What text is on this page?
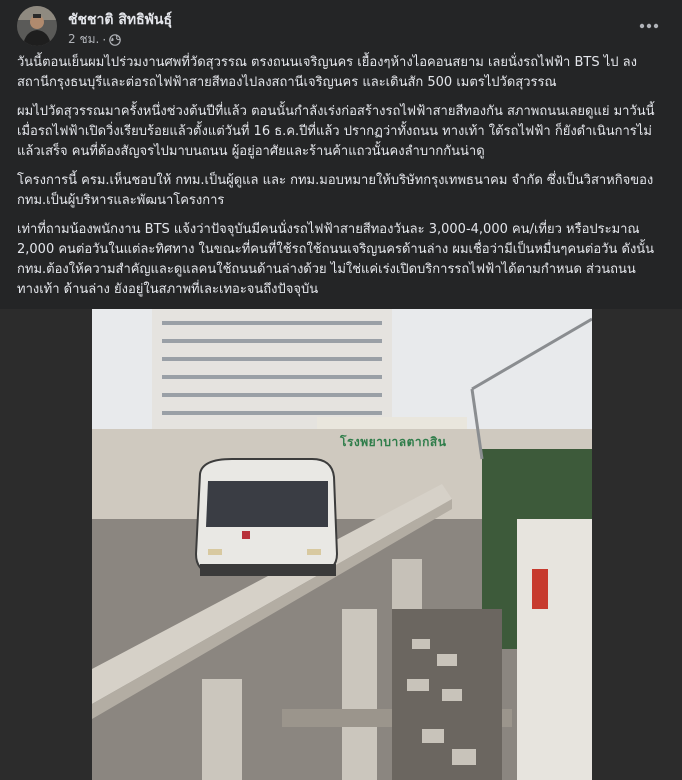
ชัชชาติ สิทธิพันธุ์
2 ชม. ·

วันนี้ตอนเย็นผมไปร่วมงานศพที่วัดสุวรรณ ตรงถนนเจริญนคร เยื้องๆห้างไอคอนสยาม เลยนั่งรถไฟฟ้า BTS ไป ลงสถานีกรุงธนบุรีและต่อรถไฟฟ้าสายสีทองไปลงสถานีเจริญนคร และเดินสัก 500 เมตรไปวัดสุวรรณ

ผมไปวัดสุวรรณมาครั้งหนึ่งช่วงต้นปีที่แล้ว ตอนนั้นกำลังเร่งก่อสร้างรถไฟฟ้าสายสีทองกัน สภาพถนนเลยดูแย่ มาวันนี้เมื่อรถไฟฟ้าเปิดวิ่งเรียบร้อยแล้วตั้งแต่วันที่ 16 ธ.ค.ปีที่แล้ว ปรากฏว่าทั้งถนน ทางเท้า ใต้รถไฟฟ้า ก็ยังดำเนินการไม่แล้วเสร็จ คนที่ต้องสัญจรไปมาบนถนน ผู้อยู่อาศัยและร้านค้าแถวนั้นคงลำบากกันน่าดู

โครงการนี้ ครม.เห็นชอบให้ กทม.เป็นผู้ดูแล และ กทม.มอบหมายให้บริษัทกรุงเทพธนาคม จำกัด ซึ่งเป็นวิสาหกิจของ กทม.เป็นผู้บริหารและพัฒนาโครงการ

เท่าที่ถามน้องพนักงาน BTS แจ้งว่าปัจจุบันมีคนนั่งรถไฟฟ้าสายสีทองวันละ 3,000-4,000 คน/เที่ยว หรือประมาณ 2,000 คนต่อวันในแต่ละทิศทาง ในขณะที่คนที่ใช้รถใช้ถนนเจริญนครด้านล่าง ผมเชื่อว่ามีเป็นหมื่นๆคนต่อวัน ดังนั้น กทม.ต้องให้ความสำคัญและดูแลคนใช้ถนนด้านล่างด้วย ไม่ใช่แค่เร่งเปิดบริการรถไฟฟ้าได้ตามกำหนด ส่วนถนน ทางเท้า ด้านล่าง ยังอยู่ในสภาพที่เละเทอะจนถึงปัจจุบัน

โรงพยาบาลตากสิน
